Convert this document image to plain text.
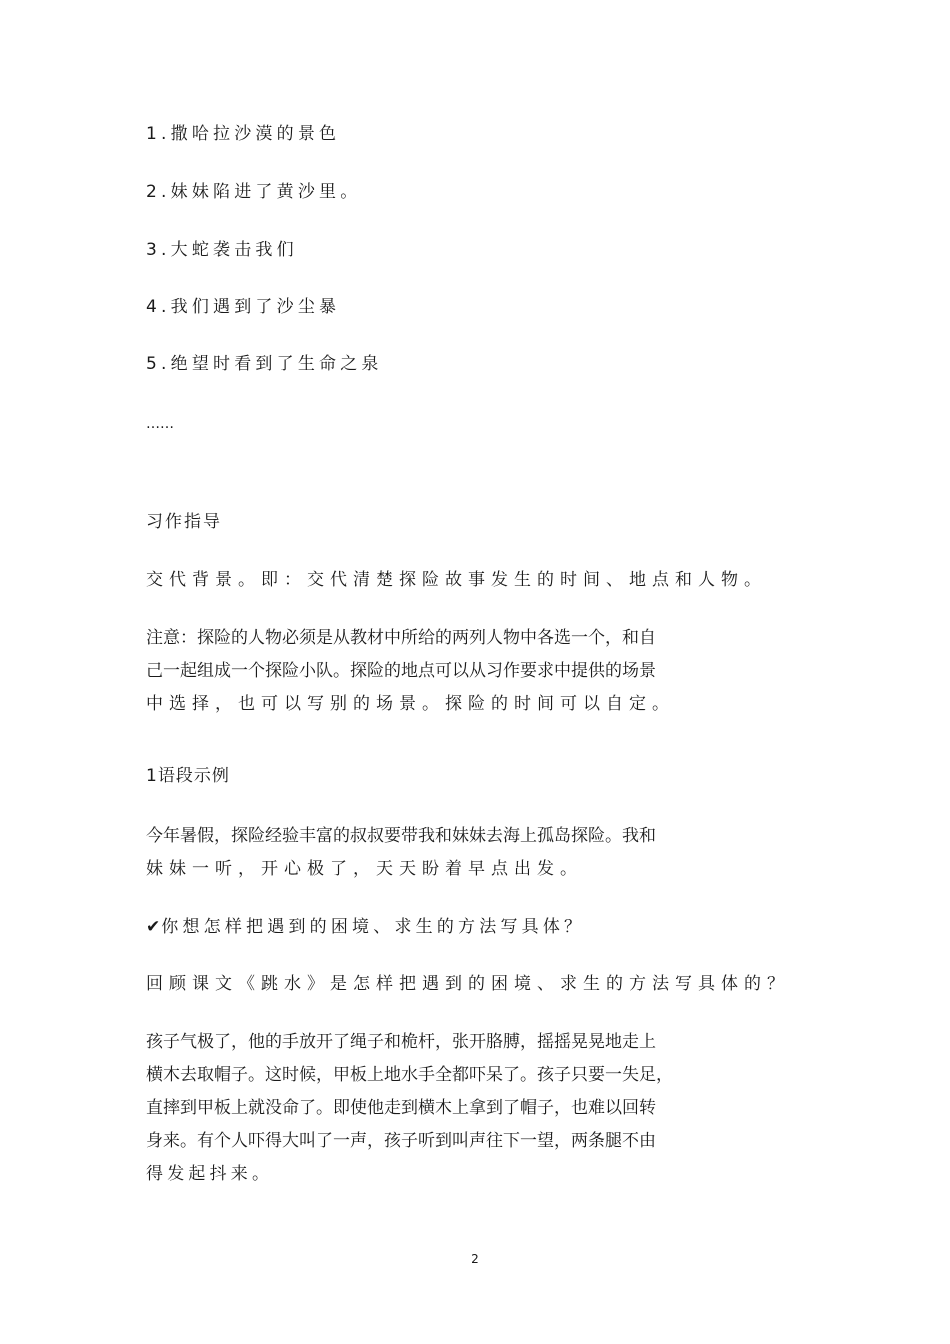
1.撒哈拉沙漠的景色
2.妹妹陷进了黄沙里。
3.大蛇袭击我们
4.我们遇到了沙尘暴
5.绝望时看到了生命之泉
……
习作指导
交代背景。即：交代清楚探险故事发生的时间、地点和人物。
注意：探险的人物必须是从教材中所给的两列人物中各选一个，和自
己一起组成一个探险小队。探险的地点可以从习作要求中提供的场景
中选择，也可以写别的场景。探险的时间可以自定。
1语段示例
今年暑假，探险经验丰富的叔叔要带我和妹妹去海上孤岛探险。我和
妹妹一听，开心极了，天天盼着早点出发。
✔你想怎样把遇到的困境、求生的方法写具体？
回顾课文《跳水》是怎样把遇到的困境、求生的方法写具体的？
孩子气极了，他的手放开了绳子和桅杆，张开胳膊，摇摇晃晃地走上
横木去取帽子。这时候，甲板上地水手全都吓呆了。孩子只要一失足，
直摔到甲板上就没命了。即使他走到横木上拿到了帽子，也难以回转
身来。有个人吓得大叫了一声，孩子听到叫声往下一望，两条腿不由
得发起抖来。
2
